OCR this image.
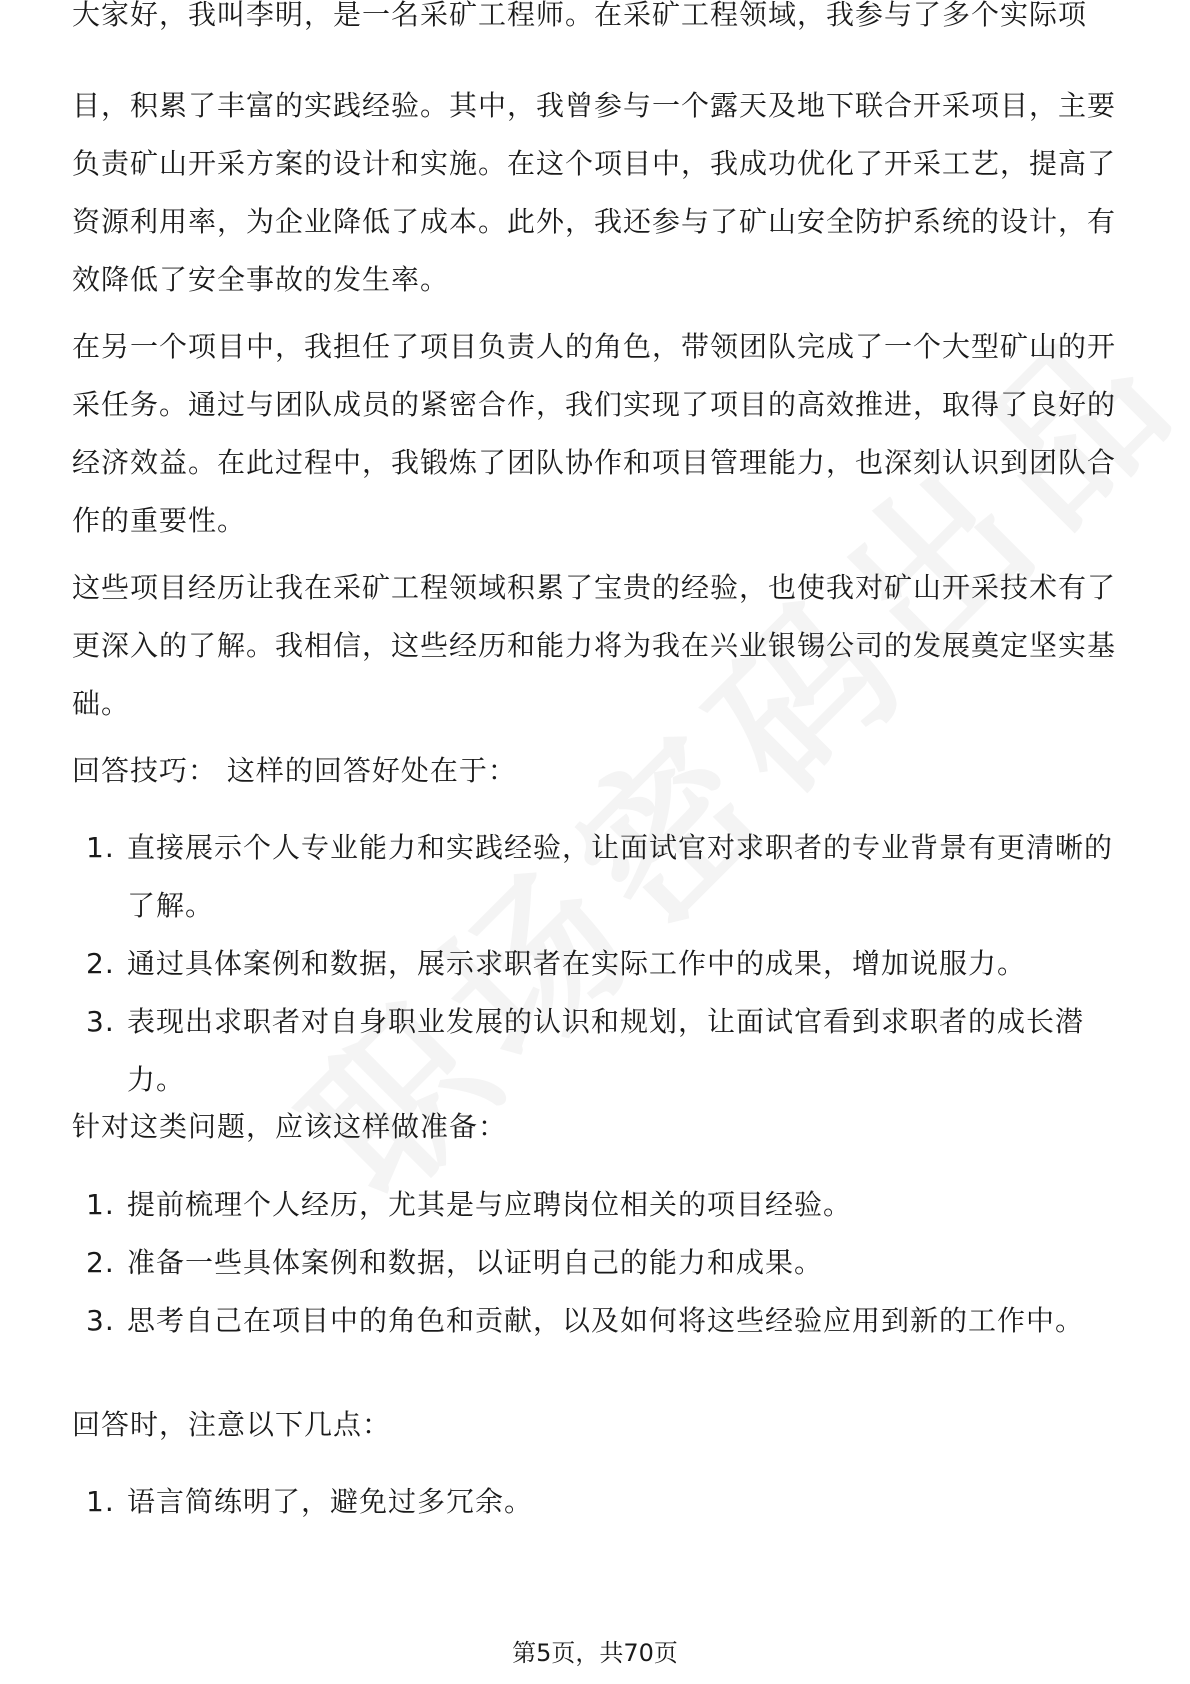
大家好，我叫李明，是一名采矿工程师。在采矿工程领域，我参与了多个实际项

目，积累了丰富的实践经验。其中，我曾参与一个露天及地下联合开采项目，主要负责矿山开采方案的设计和实施。在这个项目中，我成功优化了开采工艺，提高了资源利用率，为企业降低了成本。此外，我还参与了矿山安全防护系统的设计，有效降低了安全事故的发生率。

在另一个项目中，我担任了项目负责人的角色，带领团队完成了一个大型矿山的开采任务。通过与团队成员的紧密合作，我们实现了项目的高效推进，取得了良好的经济效益。在此过程中，我锻炼了团队协作和项目管理能力，也深刻认识到团队合作的重要性。

这些项目经历让我在采矿工程领域积累了宝贵的经验，也使我对矿山开采技术有了更深入的了解。我相信，这些经历和能力将为我在兴业银锡公司的发展奠定坚实基础。

回答技巧： 这样的回答好处在于：

1. 直接展示个人专业能力和实践经验，让面试官对求职者的专业背景有更清晰的了解。
2. 通过具体案例和数据，展示求职者在实际工作中的成果，增加说服力。
3. 表现出求职者对自身职业发展的认识和规划，让面试官看到求职者的成长潜力。

针对这类问题，应该这样做准备：

1. 提前梳理个人经历，尤其是与应聘岗位相关的项目经验。
2. 准备一些具体案例和数据，以证明自己的能力和成果。
3. 思考自己在项目中的角色和贡献，以及如何将这些经验应用到新的工作中。

回答时，注意以下几点：

1. 语言简练明了，避免过多冗余。
第5页，共70页
